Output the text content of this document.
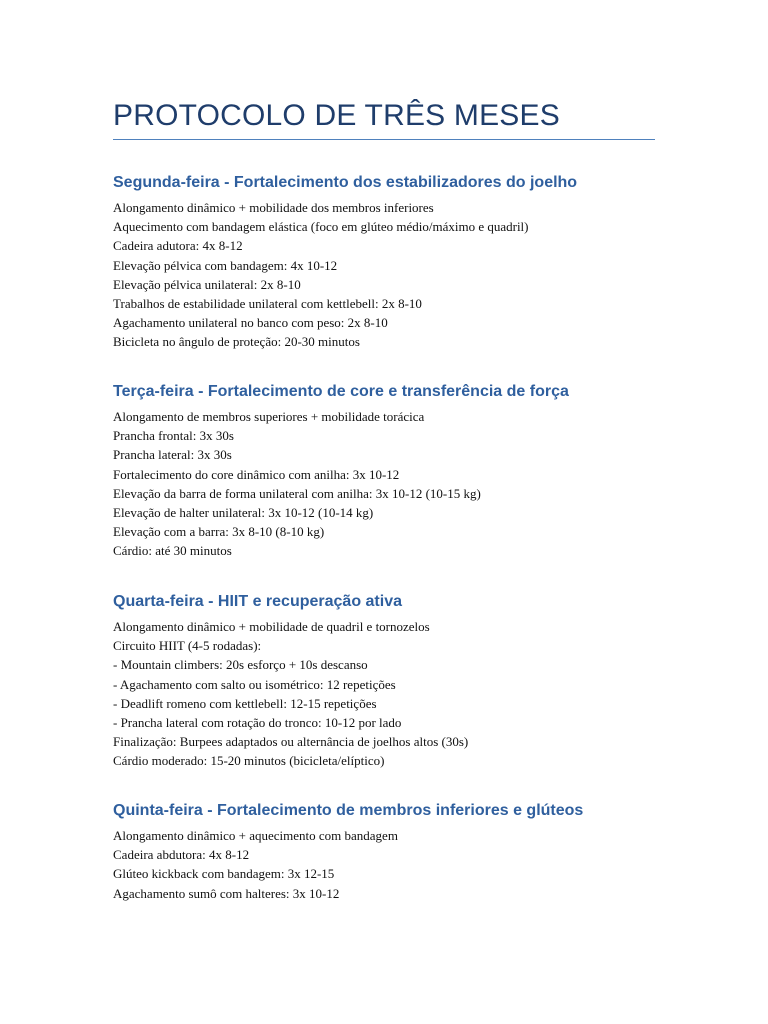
PROTOCOLO DE TRÊS MESES
Segunda-feira - Fortalecimento dos estabilizadores do joelho
Alongamento dinâmico + mobilidade dos membros inferiores
Aquecimento com bandagem elástica (foco em glúteo médio/máximo e quadril)
Cadeira adutora: 4x 8-12
Elevação pélvica com bandagem: 4x 10-12
Elevação pélvica unilateral: 2x 8-10
Trabalhos de estabilidade unilateral com kettlebell: 2x 8-10
Agachamento unilateral no banco com peso: 2x 8-10
Bicicleta no ângulo de proteção: 20-30 minutos
Terça-feira - Fortalecimento de core e transferência de força
Alongamento de membros superiores + mobilidade torácica
Prancha frontal: 3x 30s
Prancha lateral: 3x 30s
Fortalecimento do core dinâmico com anilha: 3x 10-12
Elevação da barra de forma unilateral com anilha: 3x 10-12 (10-15 kg)
Elevação de halter unilateral: 3x 10-12 (10-14 kg)
Elevação com a barra: 3x 8-10 (8-10 kg)
Cárdio: até 30 minutos
Quarta-feira - HIIT e recuperação ativa
Alongamento dinâmico + mobilidade de quadril e tornozelos
Circuito HIIT (4-5 rodadas):
- Mountain climbers: 20s esforço + 10s descanso
- Agachamento com salto ou isométrico: 12 repetições
- Deadlift romeno com kettlebell: 12-15 repetições
- Prancha lateral com rotação do tronco: 10-12 por lado
Finalização: Burpees adaptados ou alternância de joelhos altos (30s)
Cárdio moderado: 15-20 minutos (bicicleta/elíptico)
Quinta-feira - Fortalecimento de membros inferiores e glúteos
Alongamento dinâmico + aquecimento com bandagem
Cadeira abdutora: 4x 8-12
Glúteo kickback com bandagem: 3x 12-15
Agachamento sumô com halteres: 3x 10-12
